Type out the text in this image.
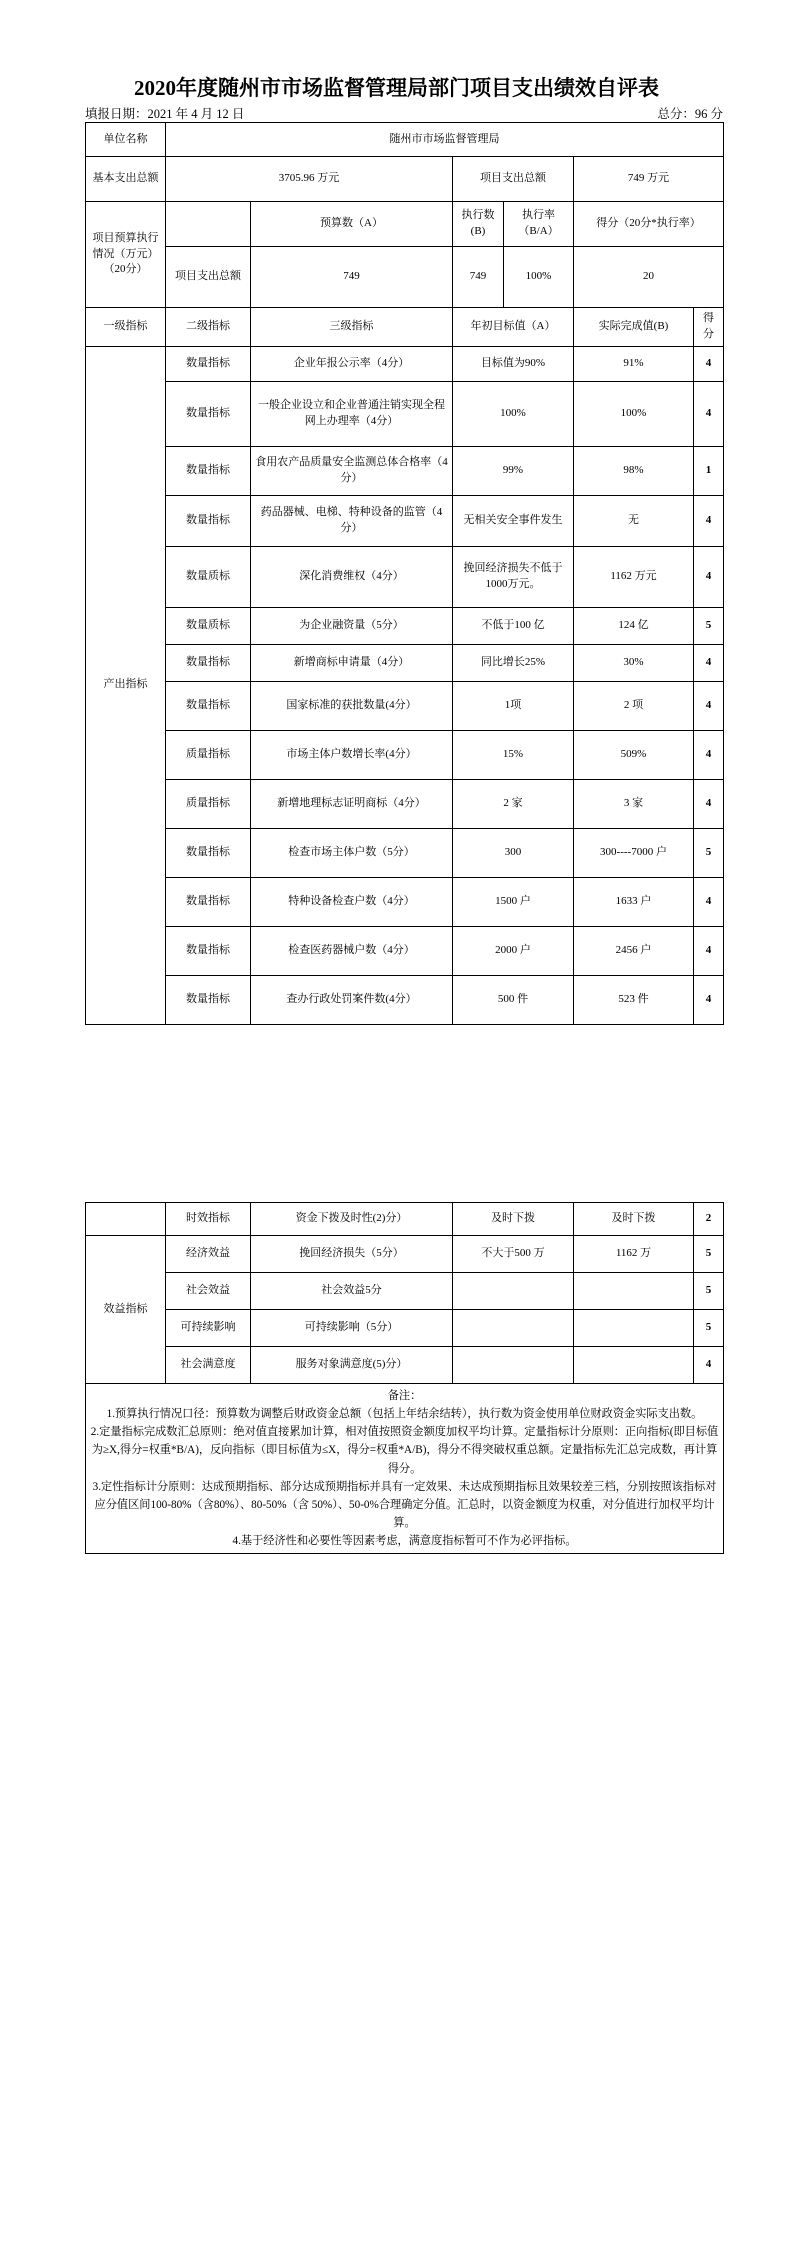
2020年度随州市市场监督管理局部门项目支出绩效自评表
填报日期：2021 年 4 月 12 日	总分：96 分
单位名称	随州市市场监督管理局					
基本支出总额	3705.96 万元		项目支出总额		749 万元	
项目预算执行情况（万元）（20分）		预算数（A）	执行数(B)	执行率（B/A）	得分（20分*执行率）	
	项目支出总额	749	749	100%	20	
一级指标	二级指标	三级指标	年初目标值（A）		实际完成值(B)	得分
产出指标	数量指标	企业年报公示率（4分）	目标值为90%		91%	4
	数量指标	一般企业设立和企业普通注销实现全程网上办理率（4分）	100%		100%	4
	数量指标	食用农产品质量安全监测总体合格率（4分）	99%		98%	1
	数量指标	药品器械、电梯、特种设备的监管（4分）	无相关安全事件发生		无	4
	数量质标	深化消费维权（4分）	挽回经济损失不低于1000万元。		1162 万元	4
	数量质标	为企业融资量（5分）	不低于100 亿		124 亿	5
	数量指标	新增商标申请量（4分）	同比增长25%		30%	4
	数量指标	国家标准的获批数量(4分）	1项		2 项	4
	质量指标	市场主体户数增长率(4分）	15%		509%	4
	质量指标	新增地理标志证明商标（4分）	2 家		3 家	4
	数量指标	检查市场主体户数（5分）	300		300----7000 户	5
	数量指标	特种设备检查户数（4分）	1500 户		1633 户	4
	数量指标	检查医药器械户数（4分）	2000 户		2456 户	4
	数量指标	查办行政处罚案件数(4分）	500 件		523 件	4
	时效指标	资金下拨及时性(2)分）	及时下拨	及时下拨	2
效益指标	经济效益	挽回经济损失（5分）	不大于500 万	1162 万	5
	社会效益	社会效益5分			5
	可持续影响	可持续影响（5分）			5
	社会满意度	服务对象满意度(5)分）			4

备注：
1.预算执行情况口径：预算数为调整后财政资金总额（包括上年结余结转），执行数为资金使用单位财政资金实际支出数。
2.定量指标完成数汇总原则：绝对值直接累加计算，相对值按照资金额度加权平均计算。定量指标计分原则：正向指标(即目标值为≥X,得分=权重*B/A)，反向指标（即目标值为≤X，得分=权重*A/B)，得分不得突破权重总额。定量指标先汇总完成数，再计算得分。
3.定性指标计分原则：达成预期指标、部分达成预期指标并具有一定效果、未达成预期指标且效果较差三档，分别按照该指标对应分值区间100-80%（含80%）、80-50%（含 50%）、50-0%合理确定分值。汇总时，以资金额度为权重，对分值进行加权平均计算。
4.基于经济性和必要性等因素考虑，满意度指标暂可不作为必评指标。					
